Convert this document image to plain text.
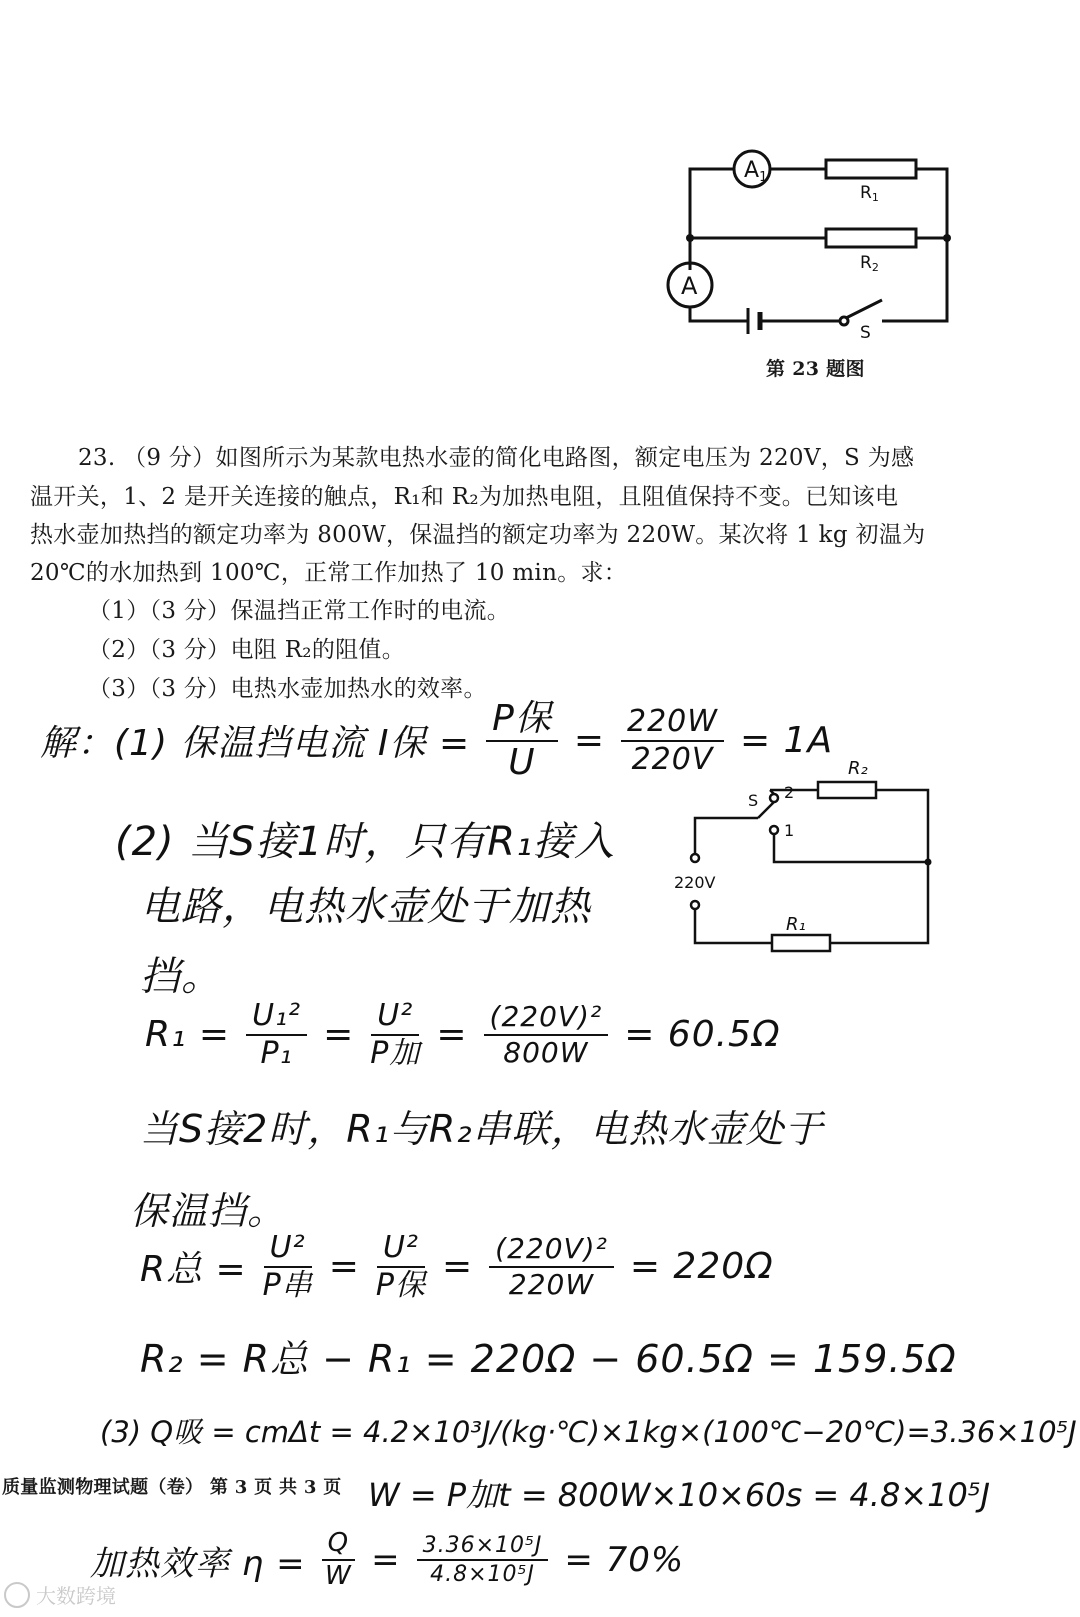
A1
A
R1
R2
S
第 23 题图
23. （9 分）如图所示为某款电热水壶的简化电路图，额定电压为 220V，S 为感
温开关，1、2 是开关连接的触点，R₁和 R₂为加热电阻，且阻值保持不变。已知该电
热水壶加热挡的额定功率为 800W，保温挡的额定功率为 220W。某次将 1 kg 初温为
20℃的水加热到 100℃，正常工作加热了 10 min。求：
（1）（3 分）保温挡正常工作时的电流。
（2）（3 分）电阻 R₂的阻值。
（3）（3 分）电热水壶加热水的效率。
解：(1) 保温挡电流 I保 = $\frac{\text{P保}}{U} = \frac{220W}{220V} = 1A$
(2) 当S接1时，只有R₁接入
电路，电热水壶处于加热
挡。
R₂
S 2
1
220V
R₁
$R_1 = \frac{\text{U₁²}}{\text{P₁}} = \frac{\text{U²}}{\text{P加}} = \frac{\text{(220V)²}}{800W} = 60.5\Omega$
当S接2时，R₁与R₂串联，电热水壶处于
保温挡。
R总 = $\frac{\text{U²}}{\text{P串}} = \frac{\text{U²}}{\text{P保}} = \frac{\text{(220V)²}}{220W} = 220\Omega$
R₂ = R总 − R₁ = 220Ω − 60.5Ω = 159.5Ω
(3) Q吸 = cmΔt = 4.2×10³J/(kg·℃)×1kg×(100℃−20℃)=3.36×10⁵J
W = P加t = 800W×10×60s = 4.8×10⁵J
加热效率 $\eta = \frac{Q}{W} = \frac{\text{3.36×10⁵J}}{\text{4.8×10⁵J}} = 70\%$
质量监测物理试题（卷） 第 3 页 共 3 页
大数跨境
